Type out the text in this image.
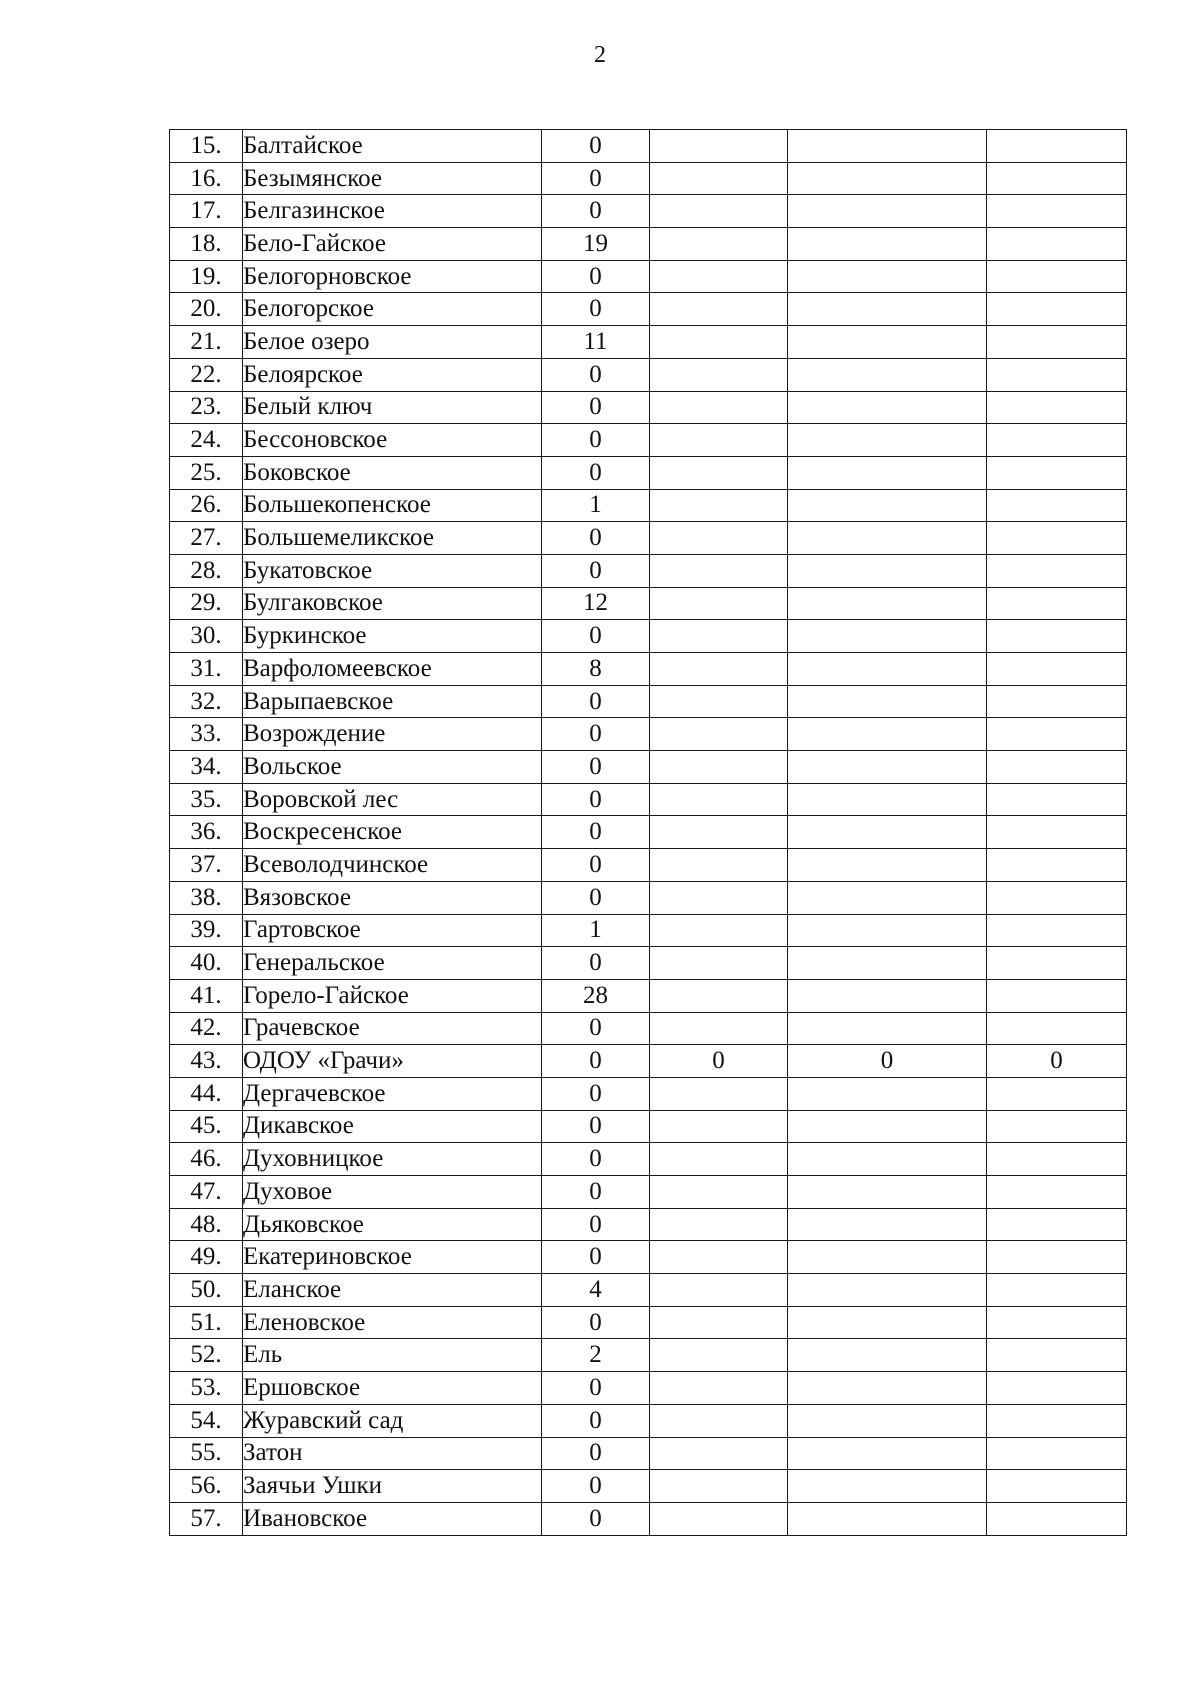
2
15.	Балтайское	0			
16.	Безымянское	0			
17.	Белгазинское	0			
18.	Бело-Гайское	19			
19.	Белогорновское	0			
20.	Белогорское	0			
21.	Белое озеро	11			
22.	Белоярское	0			
23.	Белый ключ	0			
24.	Бессоновское	0			
25.	Боковское	0			
26.	Большекопенское	1			
27.	Большемеликское	0			
28.	Букатовское	0			
29.	Булгаковское	12			
30.	Буркинское	0			
31.	Варфоломеевское	8			
32.	Варыпаевское	0			
33.	Возрождение	0			
34.	Вольское	0			
35.	Воровской лес	0			
36.	Воскресенское	0			
37.	Всеволодчинское	0			
38.	Вязовское	0			
39.	Гартовское	1			
40.	Генеральское	0			
41.	Горело-Гайское	28			
42.	Грачевское	0			
43.	ОДОУ «Грачи»	0	0	0	0
44.	Дергачевское	0			
45.	Дикавское	0			
46.	Духовницкое	0			
47.	Духовое	0			
48.	Дьяковское	0			
49.	Екатериновское	0			
50.	Еланское	4			
51.	Еленовское	0			
52.	Ель	2			
53.	Ершовское	0			
54.	Журавский сад	0			
55.	Затон	0			
56.	Заячьи Ушки	0			
57.	Ивановское	0			
